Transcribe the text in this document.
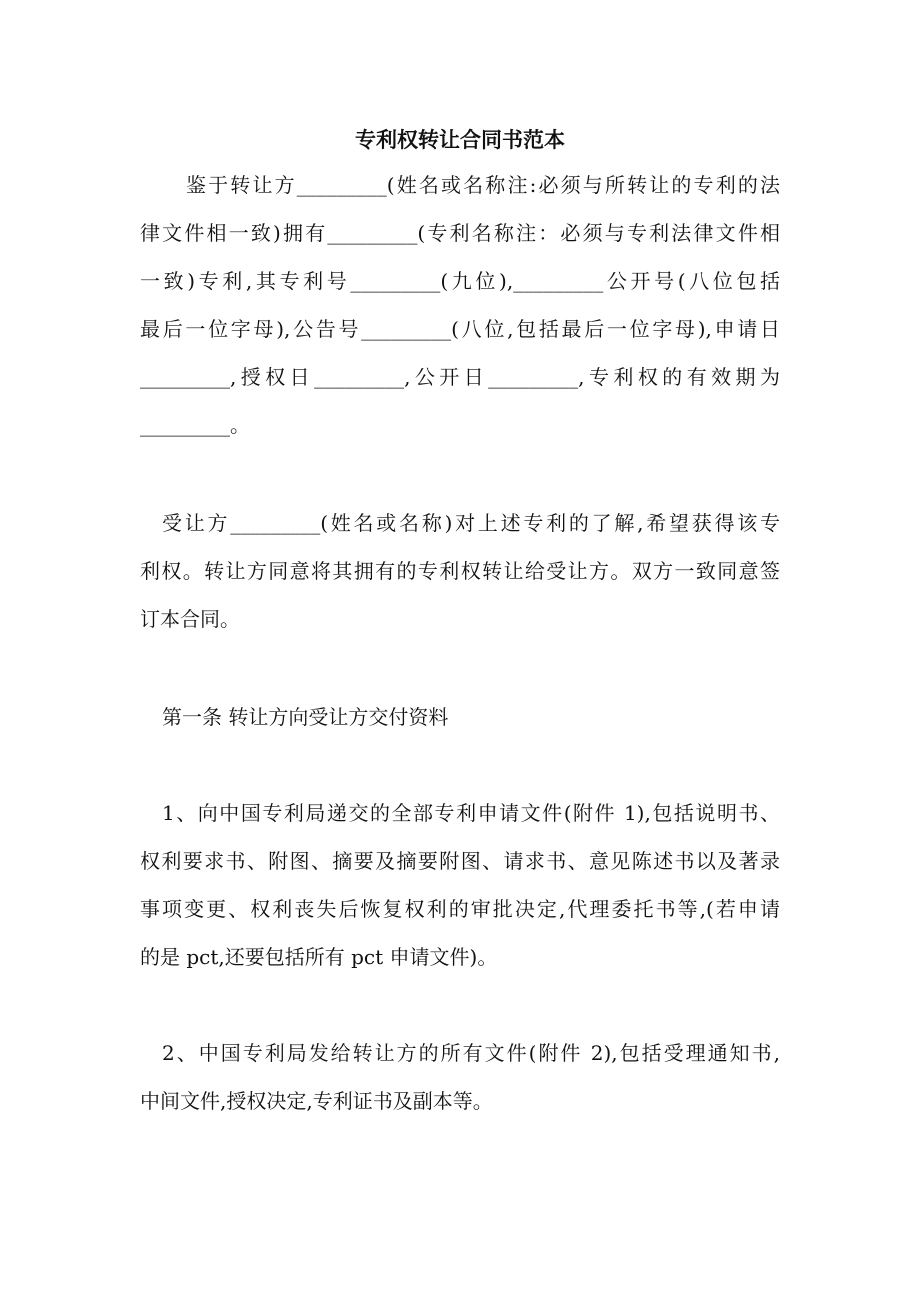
专利权转让合同书范本
鉴于转让方_________(姓名或名称注:必须与所转让的专利的法
律文件相一致)拥有_________(专利名称注：必须与专利法律文件相
一致)专利,其专利号_________(九位),_________公开号(八位包括
最后一位字母),公告号_________(八位,包括最后一位字母),申请日
_________,授权日_________,公开日_________,专利权的有效期为
_________。
受让方_________(姓名或名称)对上述专利的了解,希望获得该专
利权。转让方同意将其拥有的专利权转让给受让方。双方一致同意签
订本合同。
第一条 转让方向受让方交付资料
1、向中国专利局递交的全部专利申请文件(附件 1),包括说明书、
权利要求书、附图、摘要及摘要附图、请求书、意见陈述书以及著录
事项变更、权利丧失后恢复权利的审批决定,代理委托书等,(若申请
的是 pct,还要包括所有 pct 申请文件)。
2、中国专利局发给转让方的所有文件(附件 2),包括受理通知书,
中间文件,授权决定,专利证书及副本等。
